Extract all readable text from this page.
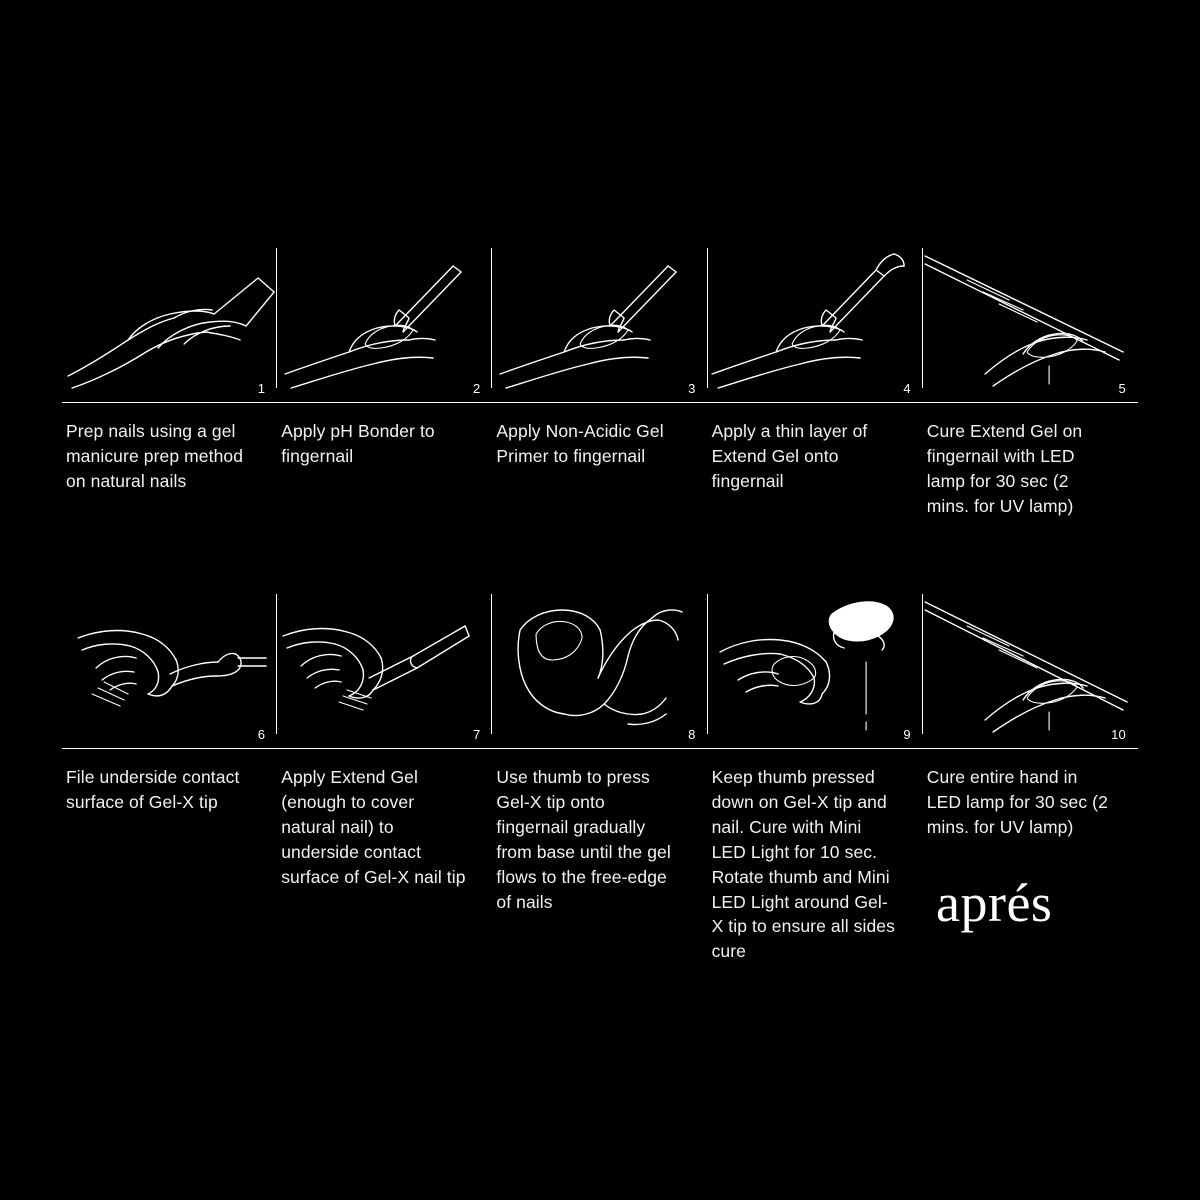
1	2	3	4	5
Prep nails using a gel manicure prep method on natural nails
Apply pH Bonder to fingernail
Apply Non-Acidic Gel Primer to fingernail
Apply a thin layer of Extend Gel onto fingernail
Cure Extend Gel on fingernail with LED lamp for 30 sec (2 mins. for UV lamp)
6	7	8	9	10
File underside contact surface of Gel-X tip
Apply Extend Gel (enough to cover natural nail) to underside contact surface of Gel-X nail tip
Use thumb to press Gel-X tip onto fingernail gradually from base until the gel flows to the free-edge of nails
Keep thumb pressed down on Gel-X tip and nail. Cure with Mini LED Light for 10 sec. Rotate thumb and Mini LED Light around Gel-X tip to ensure all sides cure
Cure entire hand in LED lamp for 30 sec (2 mins. for UV lamp)
aprés
